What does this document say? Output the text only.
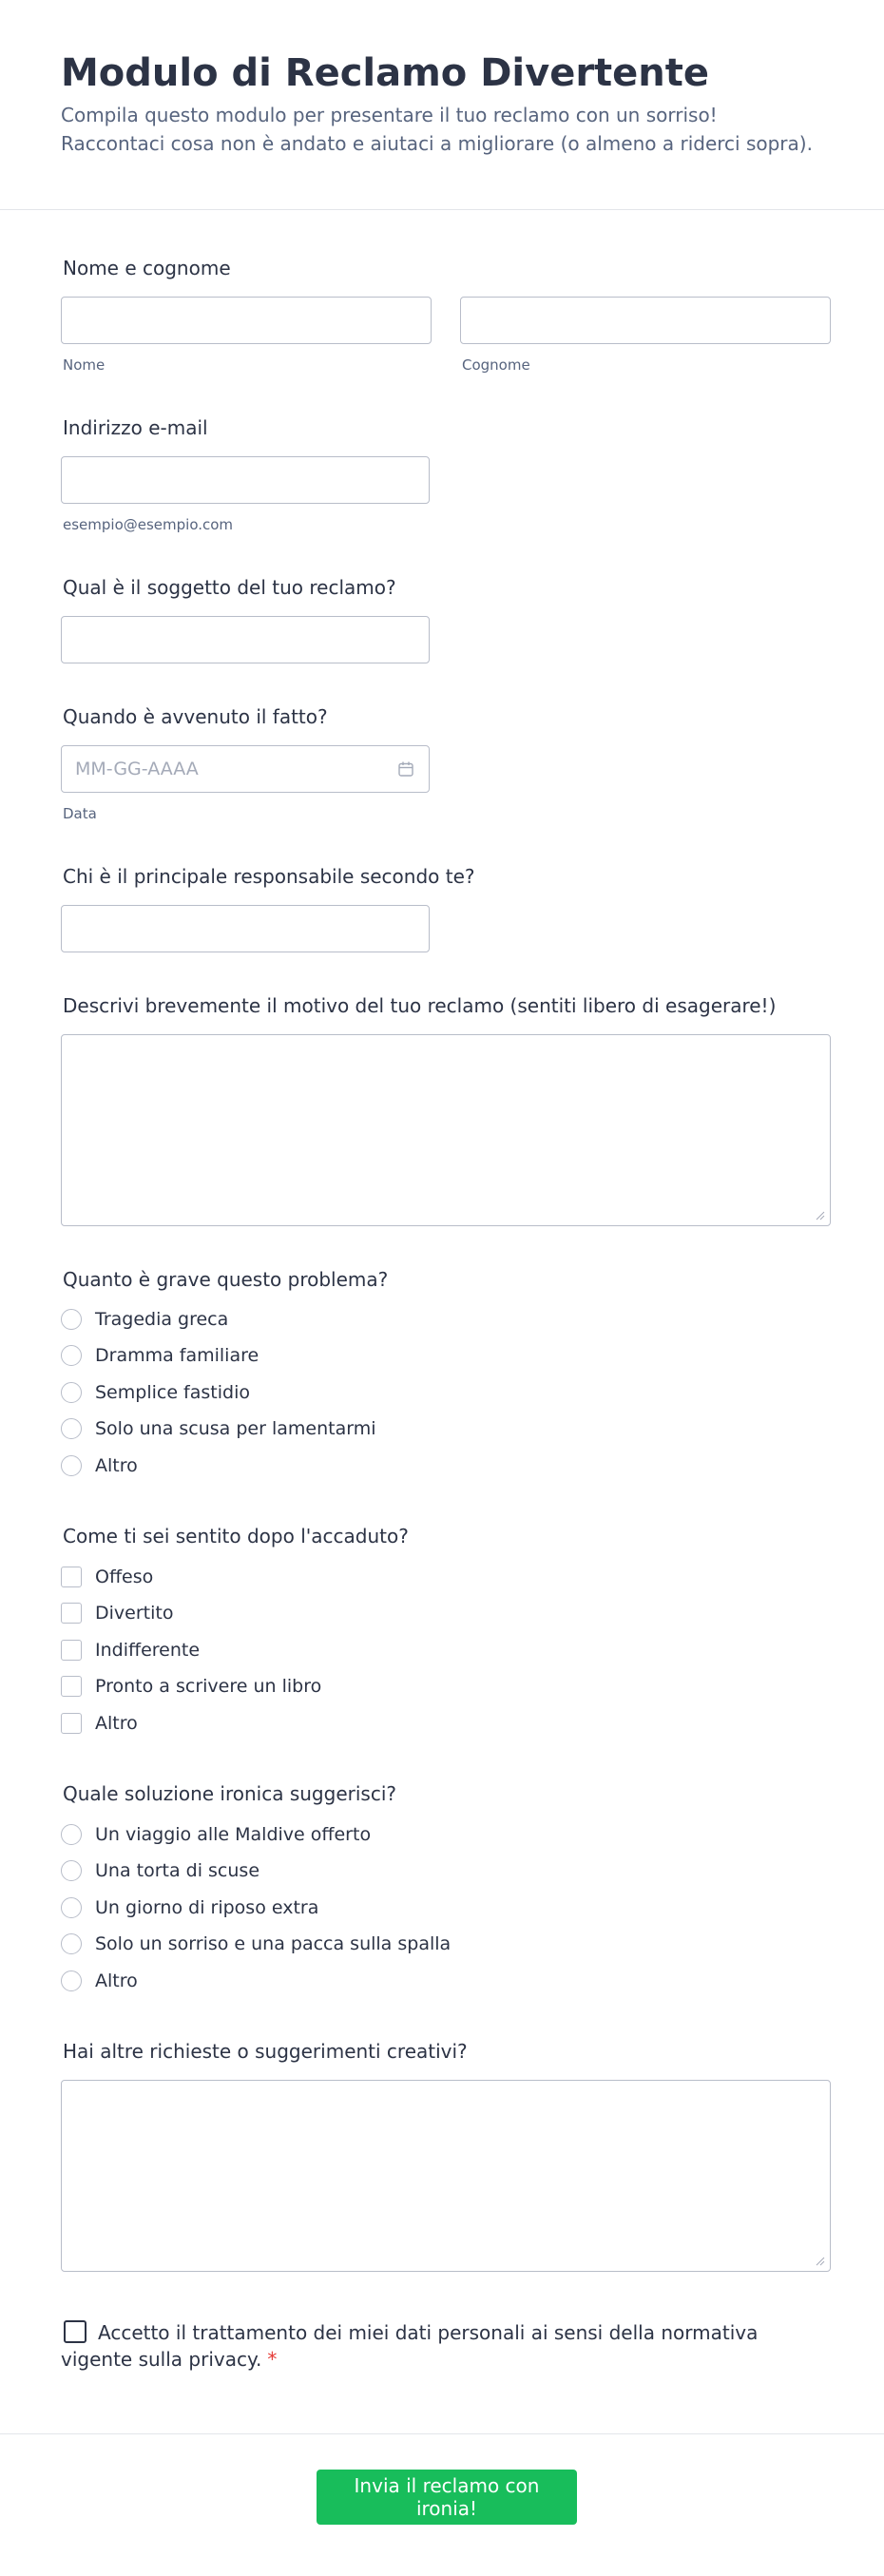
Modulo di Reclamo Divertente
Compila questo modulo per presentare il tuo reclamo con un sorriso! Raccontaci cosa non è andato e aiutaci a migliorare (o almeno a riderci sopra).
Nome e cognome
Nome	Cognome
Indirizzo e-mail
esempio@esempio.com
Qual è il soggetto del tuo reclamo?
Quando è avvenuto il fatto?
MM-GG-AAAA
Data
Chi è il principale responsabile secondo te?
Descrivi brevemente il motivo del tuo reclamo (sentiti libero di esagerare!)
Quanto è grave questo problema?
Tragedia greca
Dramma familiare
Semplice fastidio
Solo una scusa per lamentarmi
Altro
Come ti sei sentito dopo l'accaduto?
Offeso
Divertito
Indifferente
Pronto a scrivere un libro
Altro
Quale soluzione ironica suggerisci?
Un viaggio alle Maldive offerto
Una torta di scuse
Un giorno di riposo extra
Solo un sorriso e una pacca sulla spalla
Altro
Hai altre richieste o suggerimenti creativi?
Accetto il trattamento dei miei dati personali ai sensi della normativa vigente sulla privacy. *
Invia il reclamo con ironia!
